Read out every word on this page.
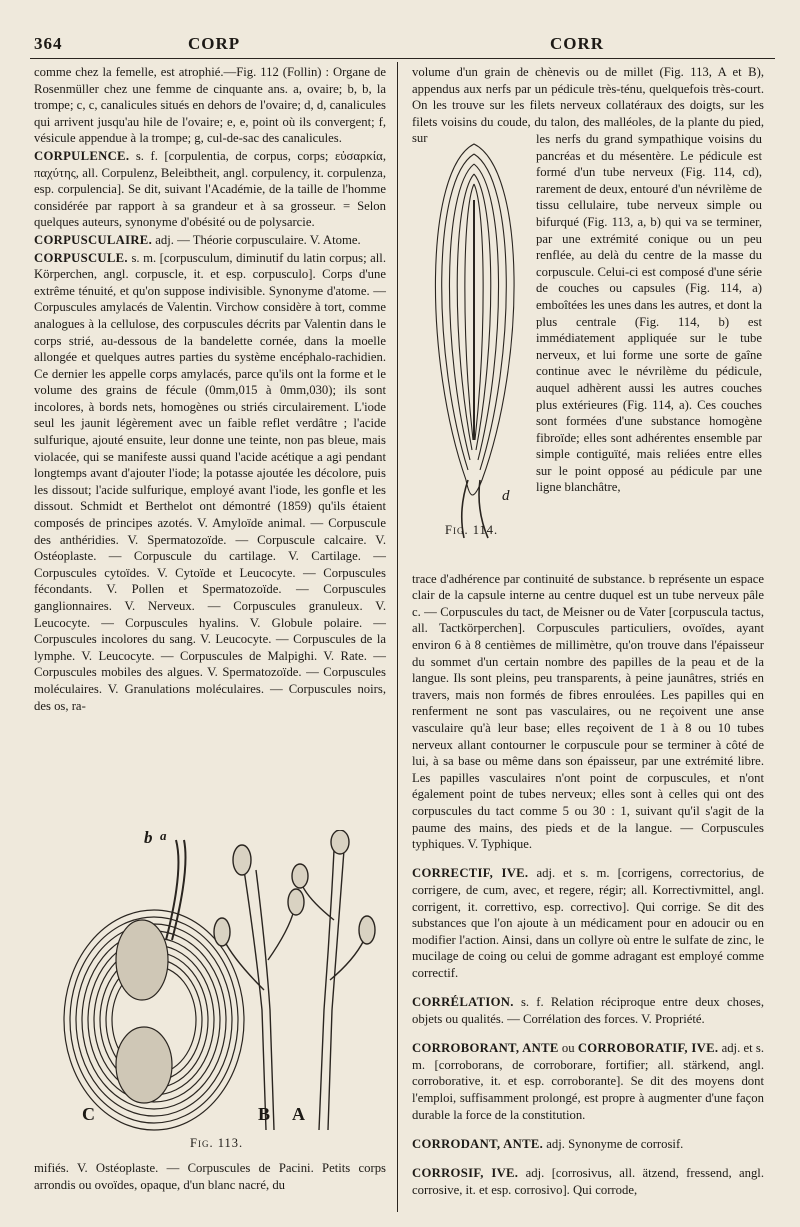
364	CORP	CORR

comme chez la femelle, est atrophié.—Fig. 112 (Follin) : Organe de Rosenmüller chez une femme de cinquante ans. a, ovaire; b, b, la trompe; c, c, canalicules situés en dehors de l'ovaire; d, d, canalicules qui arrivent jusqu'au hile de l'ovaire; e, e, point où ils convergent; f, vésicule appendue à la trompe; g, cul-de-sac des canalicules.

CORPULENCE. s. f. [corpulentia, de corpus, corps; εὐσαρκία, παχύτης, all. Corpulenz, Beleibtheit, angl. corpulency, it. corpulenza, esp. corpulencia]. Se dit, suivant l'Académie, de la taille de l'homme considérée par rapport à sa grandeur et à sa grosseur. = Selon quelques auteurs, synonyme d'obésité ou de polysarcie.

CORPUSCULAIRE. adj. — Théorie corpusculaire. V. Atome.

CORPUSCULE. s. m. [corpusculum, diminutif du latin corpus; all. Körperchen, angl. corpuscle, it. et esp. corpusculo]. Corps d'une extrême ténuité, et qu'on suppose indivisible. Synonyme d'atome. — Corpuscules amylacés de Valentin. Virchow considère à tort, comme analogues à la cellulose, des corpuscules décrits par Valentin dans le corps strié, au-dessous de la bandelette cornée, dans la moelle allongée et quelques autres parties du système encéphalo-rachidien. Ce dernier les appelle corps amylacés, parce qu'ils ont la forme et le volume des grains de fécule (0mm,015 à 0mm,030); ils sont incolores, à bords nets, homogènes ou striés circulairement. L'iode seul les jaunit légèrement avec un faible reflet verdâtre ; l'acide sulfurique, ajouté ensuite, leur donne une teinte, non pas bleue, mais violacée, qui se manifeste aussi quand l'acide acétique a agi pendant longtemps avant d'ajouter l'iode; la potasse ajoutée les décolore, puis les dissout; l'acide sulfurique, employé avant l'iode, les gonfle et les dissout. Schmidt et Berthelot ont démontré (1859) qu'ils étaient composés de principes azotés. V. Amyloïde animal. — Corpuscule des anthéridies. V. Spermatozoïde. — Corpuscule calcaire. V. Ostéoplaste. — Corpuscule du cartilage. V. Cartilage. — Corpuscules cytoïdes. V. Cytoïde et Leucocyte. — Corpuscules fécondants. V. Pollen et Spermatozoïde. — Corpuscules ganglionnaires. V. Nerveux. — Corpuscules granuleux. V. Leucocyte. — Corpuscules hyalins. V. Globule polaire. — Corpuscules incolores du sang. V. Leucocyte. — Corpuscules de la lymphe. V. Leucocyte. — Corpuscules de Malpighi. V. Rate. — Corpuscules mobiles des algues. V. Spermatozoïde. — Corpuscules moléculaires. V. Granulations moléculaires. — Corpuscules noirs, des os, ra-

b a
C	B A
Fig. 113.
mifiés. V. Ostéoplaste. — Corpuscules de Pacini. Petits corps arrondis ou ovoïdes, opaque, d'un blanc nacré, du
volume d'un grain de chènevis ou de millet (Fig. 113, A et B), appendus aux nerfs par un pédicule très-ténu, quelquefois très-court. On les trouve sur les filets nerveux collatéraux des doigts, sur les filets voisins du coude, du talon, des malléoles, de la plante du pied, sur
d
Fig. 114.
les nerfs du grand sympathique voisins du pancréas et du mésentère. Le pédicule est formé d'un tube nerveux (Fig. 114, cd), rarement de deux, entouré d'un névrilème de tissu cellulaire, tube nerveux simple ou bifurqué (Fig. 113, a, b) qui va se terminer, par une extrémité conique ou un peu renflée, au delà du centre de la masse du corpuscule. Celui-ci est composé d'une série de couches ou capsules (Fig. 114, a) emboîtées les unes dans les autres, et dont la plus centrale (Fig. 114, b) est immédiatement appliquée sur le tube nerveux, et lui forme une sorte de gaîne continue avec le névrilème du pédicule, auquel adhèrent aussi les autres couches plus extérieures (Fig. 114, a). Ces couches sont formées d'une substance homogène fibroïde; elles sont adhérentes ensemble par simple contiguïté, mais reliées entre elles sur le point opposé au pédicule par une ligne blanchâtre,

trace d'adhérence par continuité de substance. b représente un espace clair de la capsule interne au centre duquel est un tube nerveux pâle c. — Corpuscules du tact, de Meisner ou de Vater [corpuscula tactus, all. Tactkörperchen]. Corpuscules particuliers, ovoïdes, ayant environ 6 à 8 centièmes de millimètre, qu'on trouve dans l'épaisseur du sommet d'un certain nombre des papilles de la peau et de la langue. Ils sont pleins, peu transparents, à peine jaunâtres, striés en travers, mais non formés de fibres enroulées. Les papilles qui en renferment ne sont pas vasculaires, ou ne reçoivent une anse vasculaire qu'à leur base; elles reçoivent de 1 à 8 ou 10 tubes nerveux allant contourner le corpuscule pour se terminer à côté de lui, à sa base ou même dans son épaisseur, par une extrémité libre. Les papilles vasculaires n'ont point de corpuscules, et n'ont également point de tubes nerveux; elles sont à celles qui ont des corpuscules du tact comme 5 ou 30 : 1, suivant qu'il s'agit de la paume des mains, des pieds et de la langue. — Corpuscules typhiques. V. Typhique.

CORRECTIF, IVE. adj. et s. m. [corrigens, correctorius, de corrigere, de cum, avec, et regere, régir; all. Korrectivmittel, angl. corrigent, it. correttivo, esp. correctivo]. Qui corrige. Se dit des substances que l'on ajoute à un médicament pour en adoucir ou en modifier l'action. Ainsi, dans un collyre où entre le sulfate de zinc, le mucilage de coing ou celui de gomme adragant est employé comme correctif.

CORRÉLATION. s. f. Relation réciproque entre deux choses, objets ou qualités. — Corrélation des forces. V. Propriété.

CORROBORANT, ANTE ou CORROBORATIF, IVE. adj. et s. m. [corroborans, de corroborare, fortifier; all. stärkend, angl. corroborative, it. et esp. corroborante]. Se dit des moyens dont l'emploi, suffisamment prolongé, est propre à augmenter d'une façon durable la force de la constitution.

CORRODANT, ANTE. adj. Synonyme de corrosif.

CORROSIF, IVE. adj. [corrosivus, all. ätzend, fressend, angl. corrosive, it. et esp. corrosivo]. Qui corrode,
